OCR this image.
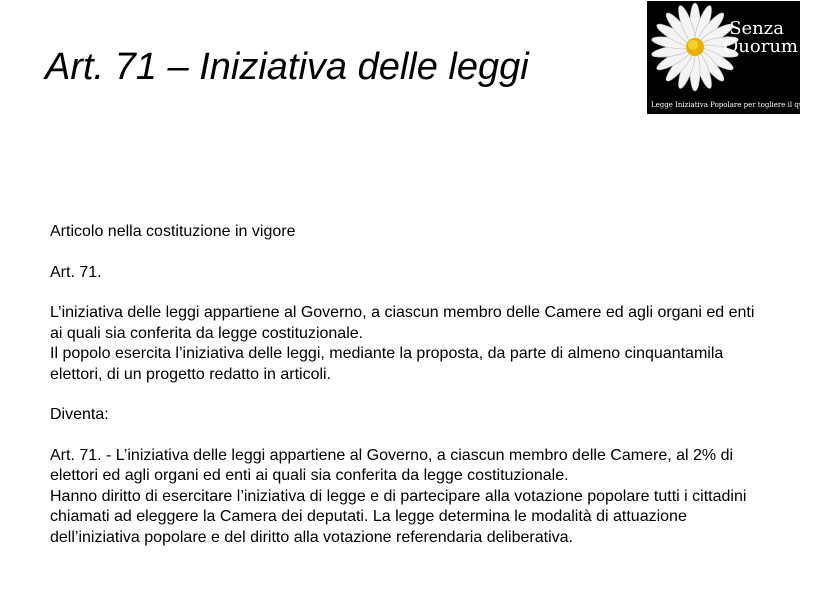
Art. 71 – Iniziativa delle leggi
Senza
Quorum
Legge Iniziativa Popolare per togliere il quorum

Articolo nella costituzione in vigore

Art. 71.

L’iniziativa delle leggi appartiene al Governo, a ciascun membro delle Camere ed agli organi ed enti ai quali sia conferita da legge costituzionale.

Il popolo esercita l’iniziativa delle leggi, mediante la proposta, da parte di almeno cinquantamila elettori, di un progetto redatto in articoli.

Diventa:

Art. 71. - L’iniziativa delle leggi appartiene al Governo, a ciascun membro delle Camere, al 2% di elettori ed agli organi ed enti ai quali sia conferita da legge costituzionale.

Hanno diritto di esercitare l’iniziativa di legge e di partecipare alla votazione popolare tutti i cittadini chiamati ad eleggere la Camera dei deputati. La legge determina le modalità di attuazione dell’iniziativa popolare e del diritto alla votazione referendaria deliberativa.
